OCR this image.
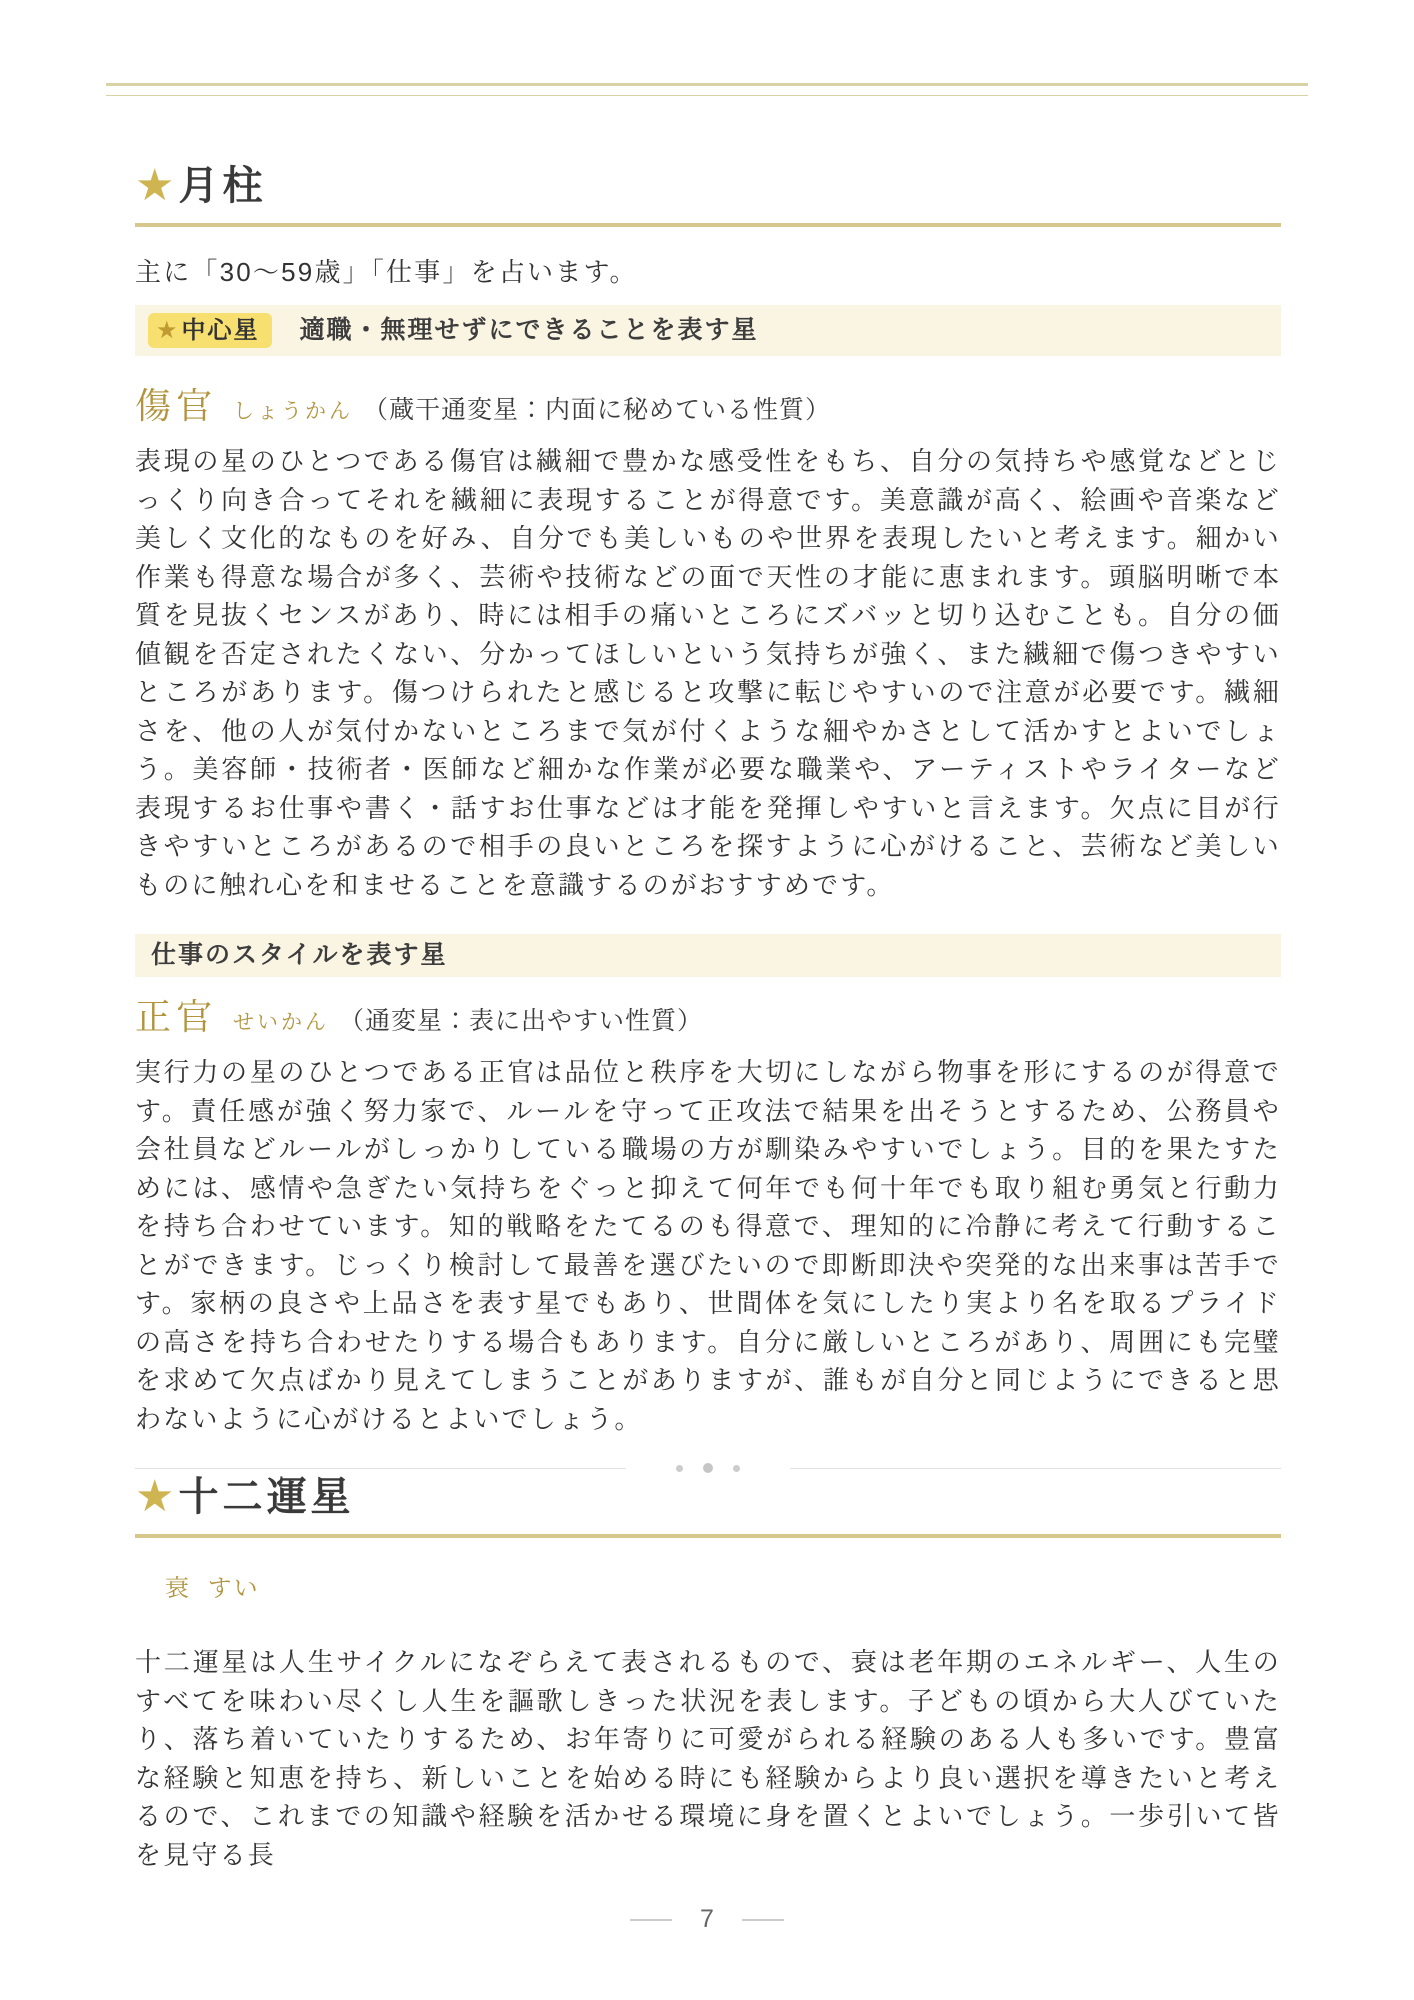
★ 月柱

主に「30〜59歳」「仕事」を占います。

★ 中心星 適職・無理せずにできることを表す星
傷官 しょうかん （蔵干通変星：内面に秘めている性質）

表現の星のひとつである傷官は繊細で豊かな感受性をもち、自分の気持ちや感覚などとじっくり向き合ってそれを繊細に表現することが得意です。美意識が高く、絵画や音楽など美しく文化的なものを好み、自分でも美しいものや世界を表現したいと考えます。細かい作業も得意な場合が多く、芸術や技術などの面で天性の才能に恵まれます。頭脳明晰で本質を見抜くセンスがあり、時には相手の痛いところにズバッと切り込むことも。自分の価値観を否定されたくない、分かってほしいという気持ちが強く、また繊細で傷つきやすいところがあります。傷つけられたと感じると攻撃に転じやすいので注意が必要です。繊細さを、他の人が気付かないところまで気が付くような細やかさとして活かすとよいでしょう。美容師・技術者・医師など細かな作業が必要な職業や、アーティストやライターなど表現するお仕事や書く・話すお仕事などは才能を発揮しやすいと言えます。欠点に目が行きやすいところがあるので相手の良いところを探すように心がけること、芸術など美しいものに触れ心を和ませることを意識するのがおすすめです。

仕事のスタイルを表す星
正官 せいかん （通変星：表に出やすい性質）

実行力の星のひとつである正官は品位と秩序を大切にしながら物事を形にするのが得意です。責任感が強く努力家で、ルールを守って正攻法で結果を出そうとするため、公務員や会社員などルールがしっかりしている職場の方が馴染みやすいでしょう。目的を果たすためには、感情や急ぎたい気持ちをぐっと抑えて何年でも何十年でも取り組む勇気と行動力を持ち合わせています。知的戦略をたてるのも得意で、理知的に冷静に考えて行動することができます。じっくり検討して最善を選びたいので即断即決や突発的な出来事は苦手です。家柄の良さや上品さを表す星でもあり、世間体を気にしたり実より名を取るプライドの高さを持ち合わせたりする場合もあります。自分に厳しいところがあり、周囲にも完璧を求めて欠点ばかり見えてしまうことがありますが、誰もが自分と同じようにできると思わないように心がけるとよいでしょう。

★ 十二運星
衰 すい

十二運星は人生サイクルになぞらえて表されるもので、衰は老年期のエネルギー、人生のすべてを味わい尽くし人生を謳歌しきった状況を表します。子どもの頃から大人びていたり、落ち着いていたりするため、お年寄りに可愛がられる経験のある人も多いです。豊富な経験と知恵を持ち、新しいことを始める時にも経験からより良い選択を導きたいと考えるので、これまでの知識や経験を活かせる環境に身を置くとよいでしょう。一歩引いて皆を見守る長

7
